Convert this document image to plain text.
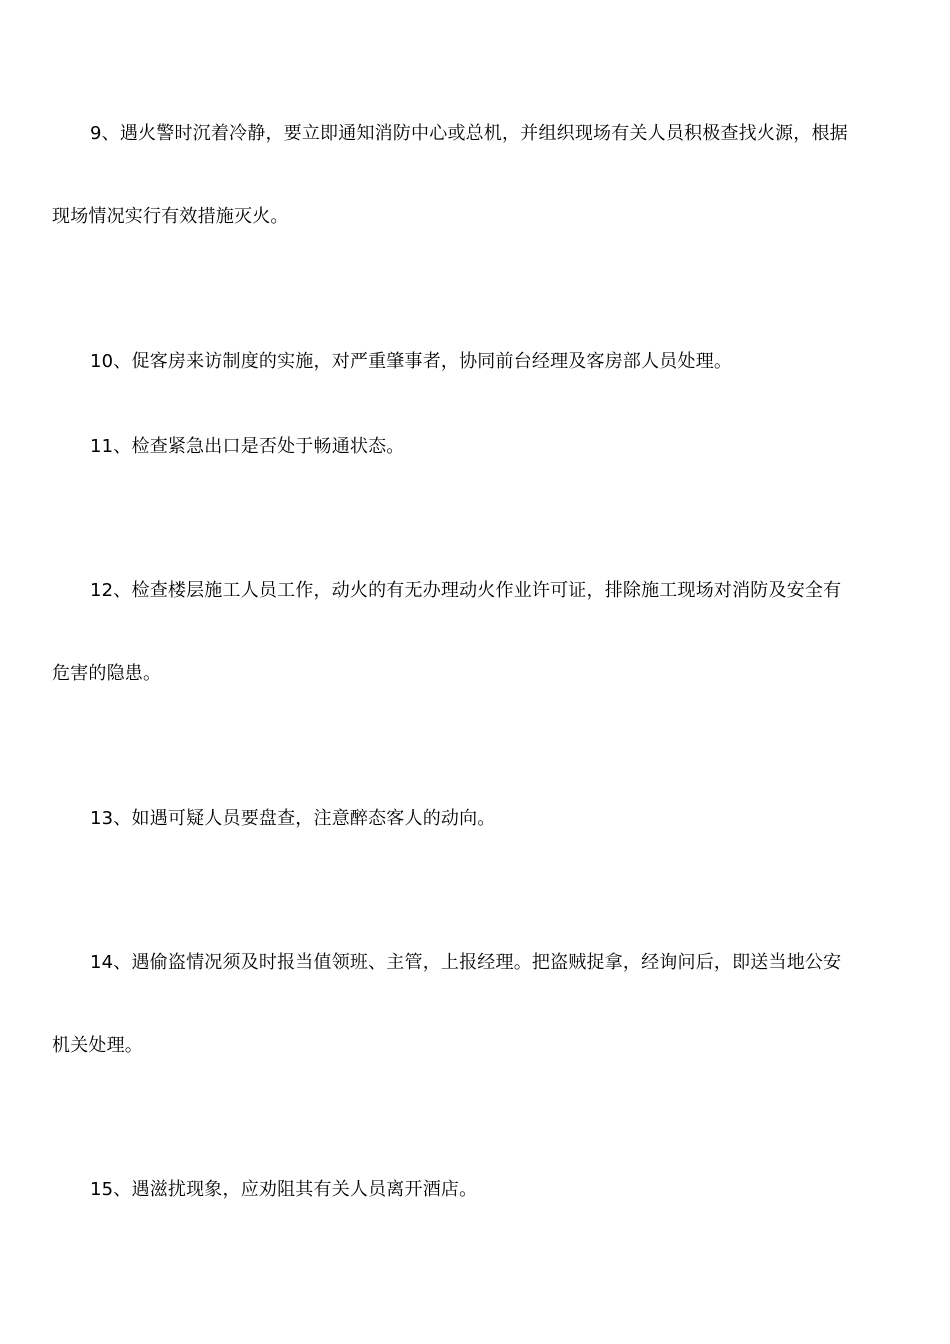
9、遇火警时沉着冷静，要立即通知消防中心或总机，并组织现场有关人员积极查找火源，根据
现场情况实行有效措施灭火。
10、促客房来访制度的实施，对严重肇事者，协同前台经理及客房部人员处理。
11、检查紧急出口是否处于畅通状态。
12、检查楼层施工人员工作，动火的有无办理动火作业许可证，排除施工现场对消防及安全有
危害的隐患。
13、如遇可疑人员要盘查，注意醉态客人的动向。
14、遇偷盗情况须及时报当值领班、主管，上报经理。把盗贼捉拿，经询问后，即送当地公安
机关处理。
15、遇滋扰现象，应劝阻其有关人员离开酒店。
